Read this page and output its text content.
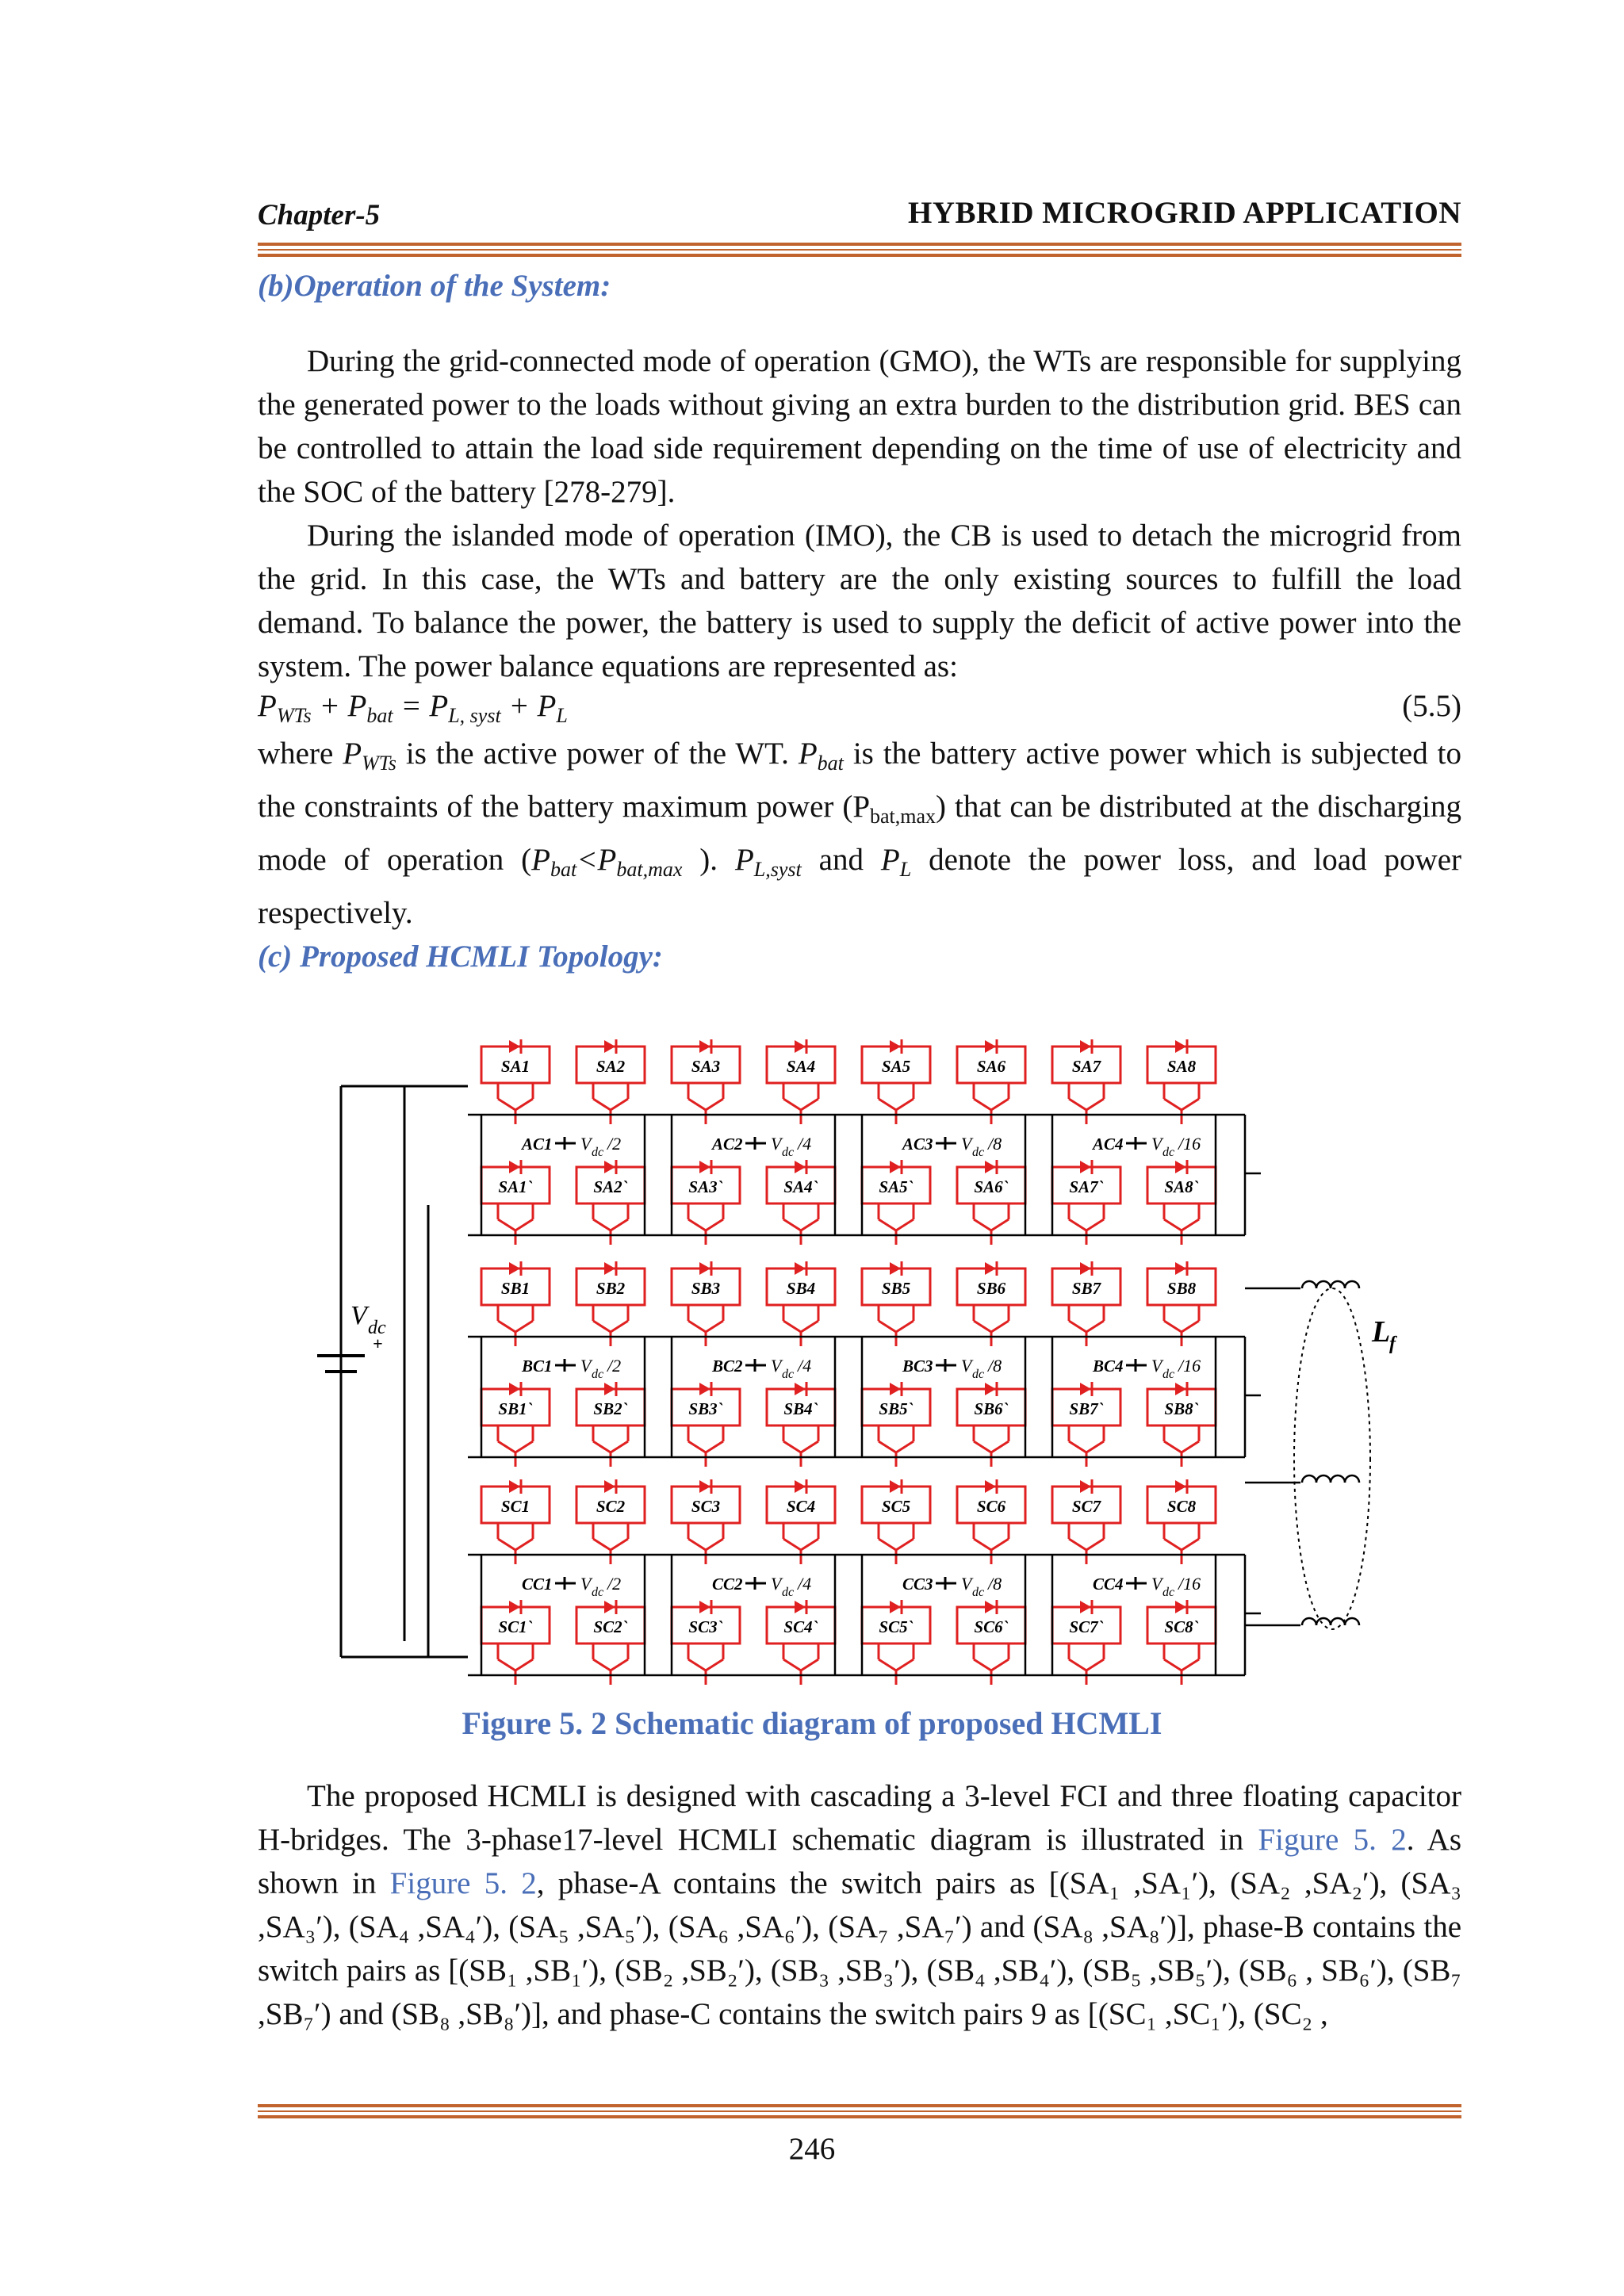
Chapter-5	HYBRID MICROGRID APPLICATION
(b)Operation of the System:
During the grid-connected mode of operation (GMO), the WTs are responsible for supplying the generated power to the loads without giving an extra burden to the distribution grid. BES can be controlled to attain the load side requirement depending on the time of use of electricity and the SOC of the battery [278-279].
During the islanded mode of operation (IMO), the CB is used to detach the microgrid from the grid. In this case, the WTs and battery are the only existing sources to fulfill the load demand. To balance the power, the battery is used to supply the deficit of active power into the system. The power balance equations are represented as:
$P_{WTs} + P_{bat} = P_{L, syst} + P_L$	(5.5)
where $P_{WTs}$ is the active power of the WT. $P_{bat}$ is the battery active power which is subjected to the constraints of the battery maximum power $(P_{bat,max})$ that can be distributed at the discharging mode of operation ($P_{bat}<P_{bat,max}$ ). $P_{L,syst}$ and $P_L$ denote the power loss, and load power respectively.
(c) Proposed HCMLI Topology:
V dc
+
SA1	SA2	SA3	SA4	SA5	SA6	SA7	SA8
SA1`	SA2`	SA3`	SA4`	SA5`	SA6`	SA7`	SA8`
AC1 V dc /2	AC2 V dc /4	AC3 V dc /8	AC4 V dc /16
SB1	SB2	SB3	SB4	SB5	SB6	SB7	SB8
SB1`	SB2`	SB3`	SB4`	SB5`	SB6`	SB7`	SB8`
BC1 V dc /2	BC2 V dc /4	BC3 V dc /8	BC4 V dc /16
SC1	SC2	SC3	SC4	SC5	SC6	SC7	SC8
SC1`	SC2`	SC3`	SC4`	SC5`	SC6`	SC7`	SC8`
CC1 V dc /2	CC2 V dc /4	CC3 V dc /8	CC4 V dc /16
L
f
Figure 5. 2 Schematic diagram of proposed HCMLI
The proposed HCMLI is designed with cascading a 3-level FCI and three floating capacitor H-bridges. The 3-phase17-level HCMLI schematic diagram is illustrated in Figure 5. 2. As shown in Figure 5. 2, phase-A contains the switch pairs as [(SA₁ ,SA₁′), (SA₂ ,SA₂′), (SA₃ ,SA₃′), (SA₄ ,SA₄′), (SA₅ ,SA₅′), (SA₆ ,SA₆′), (SA₇ ,SA₇′) and (SA₈ ,SA₈′)], phase-B contains the switch pairs as [(SB₁ ,SB₁′), (SB₂ ,SB₂′), (SB₃ ,SB₃′), (SB₄ ,SB₄′), (SB₅ ,SB₅′), (SB₆ , SB₆′), (SB₇ ,SB₇′) and (SB₈ ,SB₈′)], and phase-C contains the switch pairs 9 as [(SC₁ ,SC₁′), (SC₂ ,
246
